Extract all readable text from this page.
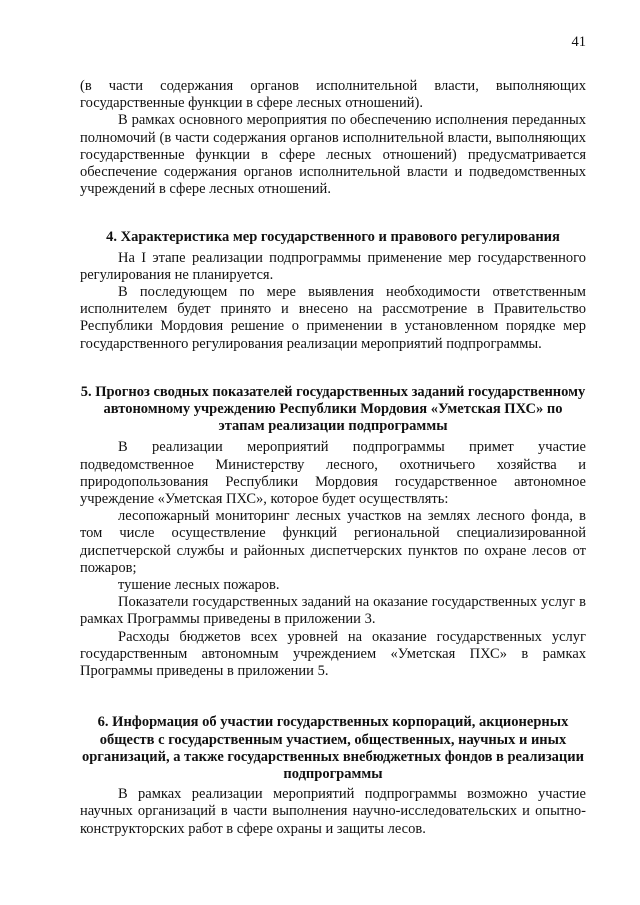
41

(в части содержания органов исполнительной власти, выполняющих государственные функции в сфере лесных отношений).

В рамках основного мероприятия по обеспечению исполнения переданных полномочий (в части содержания органов исполнительной власти, выполняющих государственные функции в сфере лесных отношений) предусматривается обеспечение содержания органов исполнительной власти и подведомственных учреждений в сфере лесных отношений.

4. Характеристика мер государственного и правового регулирования

На I этапе реализации подпрограммы применение мер государственного регулирования не планируется.

В последующем по мере выявления необходимости ответственным исполнителем будет принято и внесено на рассмотрение в Правительство Республики Мордовия решение о применении в установленном порядке мер государственного регулирования реализации мероприятий подпрограммы.

5. Прогноз сводных показателей государственных заданий государственному автономному учреждению Республики Мордовия «Уметская ПХС» по этапам реализации подпрограммы

В реализации мероприятий подпрограммы примет участие подведомственное Министерству лесного, охотничьего хозяйства и природопользования Республики Мордовия государственное автономное учреждение «Уметская ПХС», которое будет осуществлять:

лесопожарный мониторинг лесных участков на землях лесного фонда, в том числе осуществление функций региональной специализированной диспетчерской службы и районных диспетчерских пунктов по охране лесов от пожаров;

тушение лесных пожаров.

Показатели государственных заданий на оказание государственных услуг в рамках Программы приведены в приложении 3.

Расходы бюджетов всех уровней на оказание государственных услуг государственным автономным учреждением «Уметская ПХС» в рамках Программы приведены в приложении 5.

6. Информация об участии государственных корпораций, акционерных обществ с государственным участием, общественных, научных и иных организаций, а также государственных внебюджетных фондов в реализации подпрограммы

В рамках реализации мероприятий подпрограммы возможно участие научных организаций в части выполнения научно-исследовательских и опытно-конструкторских работ в сфере охраны и защиты лесов.
